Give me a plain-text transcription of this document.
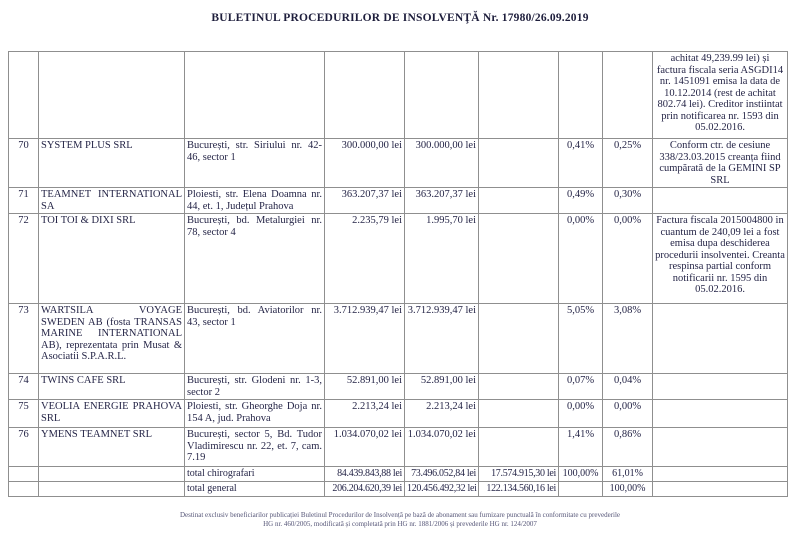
BULETINUL PROCEDURILOR DE INSOLVENŢĂ Nr. 17980/26.09.2019
								achitat 49,239.99 lei) și factura fiscala seria ASGDI14 nr. 1451091 emisa la data de 10.12.2014 (rest de achitat 802.74 lei). Creditor instiintat prin notificarea nr. 1593 din 05.02.2016.
70	SYSTEM PLUS SRL	București, str. Siriului nr. 42-46, sector 1	300.000,00 lei	300.000,00 lei		0,41%	0,25%	Conform ctr. de cesiune 338/23.03.2015 creanța fiind cumpărată de la GEMINI SP SRL
71	TEAMNET INTERNATIONAL SA	Ploiesti, str. Elena Doamna nr. 44, et. 1, Județul Prahova	363.207,37 lei	363.207,37 lei		0,49%	0,30%	
72	TOI TOI & DIXI SRL	București, bd. Metalurgiei nr. 78, sector 4	2.235,79 lei	1.995,70 lei		0,00%	0,00%	Factura fiscala 2015004800 in cuantum de 240,09 lei a fost emisa dupa deschiderea procedurii insolventei. Creanta respinsa partial conform notificarii nr. 1595 din 05.02.2016.
73	WARTSILA VOYAGE SWEDEN AB (fosta TRANSAS MARINE INTERNATIONAL AB), reprezentata prin Musat & Asociatii S.P.A.R.L.	București, bd. Aviatorilor nr. 43, sector 1	3.712.939,47 lei	3.712.939,47 lei		5,05%	3,08%	
74	TWINS CAFE SRL	București, str. Glodeni nr. 1-3, sector 2	52.891,00 lei	52.891,00 lei		0,07%	0,04%	
75	VEOLIA ENERGIE PRAHOVA SRL	Ploiesti, str. Gheorghe Doja nr. 154 A, jud. Prahova	2.213,24 lei	2.213,24 lei		0,00%	0,00%	
76	YMENS TEAMNET SRL	București, sector 5, Bd. Tudor Vladimirescu nr. 22, et. 7, cam. 7.19	1.034.070,02 lei	1.034.070,02 lei		1,41%	0,86%	
		total chirografari	84.439.843,88 lei	73.496.052,84 lei	17.574.915,30 lei	100,00%	61,01%	
		total general	206.204.620,39 lei	120.456.492,32 lei	122.134.560,16 lei		100,00%	
Destinat exclusiv beneficiarilor publicației Buletinul Procedurilor de Insolvență pe bază de abonament sau furnizare punctuală în conformitate cu prevederile
HG nr. 460/2005, modificată și completată prin HG nr. 1881/2006 și prevederile HG nr. 124/2007
